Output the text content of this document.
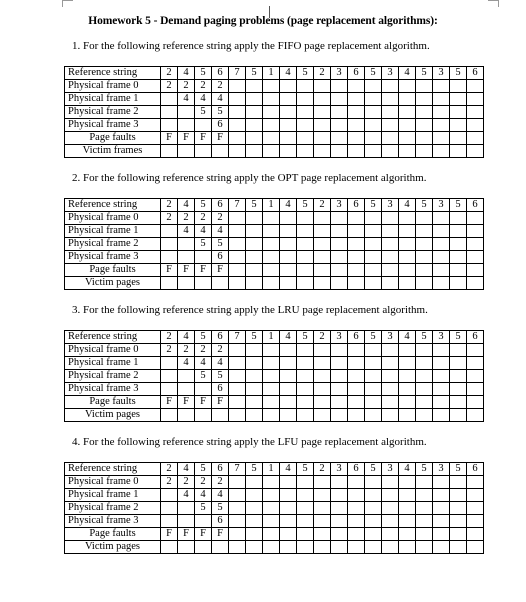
Homework 5 - Demand paging problems (page replacement algorithms):
1. For the following reference string apply the FIFO page replacement algorithm.
Reference string	2	4	5	6	7	5	1	4	5	2	3	6	5	3	4	5	3	5	6
Physical frame 0	2	2	2	2															
Physical frame 1		4	4	4															
Physical frame 2			5	5															
Physical frame 3				6															
Page faults	F	F	F	F															
Victim frames																			
2. For the following reference string apply the OPT page replacement algorithm.
Reference string	2	4	5	6	7	5	1	4	5	2	3	6	5	3	4	5	3	5	6
Physical frame 0	2	2	2	2															
Physical frame 1		4	4	4															
Physical frame 2			5	5															
Physical frame 3				6															
Page faults	F	F	F	F															
Victim pages																			
3. For the following reference string apply the LRU page replacement algorithm.
Reference string	2	4	5	6	7	5	1	4	5	2	3	6	5	3	4	5	3	5	6
Physical frame 0	2	2	2	2															
Physical frame 1		4	4	4															
Physical frame 2			5	5															
Physical frame 3				6															
Page faults	F	F	F	F															
Victim pages																			
4. For the following reference string apply the LFU page replacement algorithm.
Reference string	2	4	5	6	7	5	1	4	5	2	3	6	5	3	4	5	3	5	6
Physical frame 0	2	2	2	2															
Physical frame 1		4	4	4															
Physical frame 2			5	5															
Physical frame 3				6															
Page faults	F	F	F	F															
Victim pages																			
